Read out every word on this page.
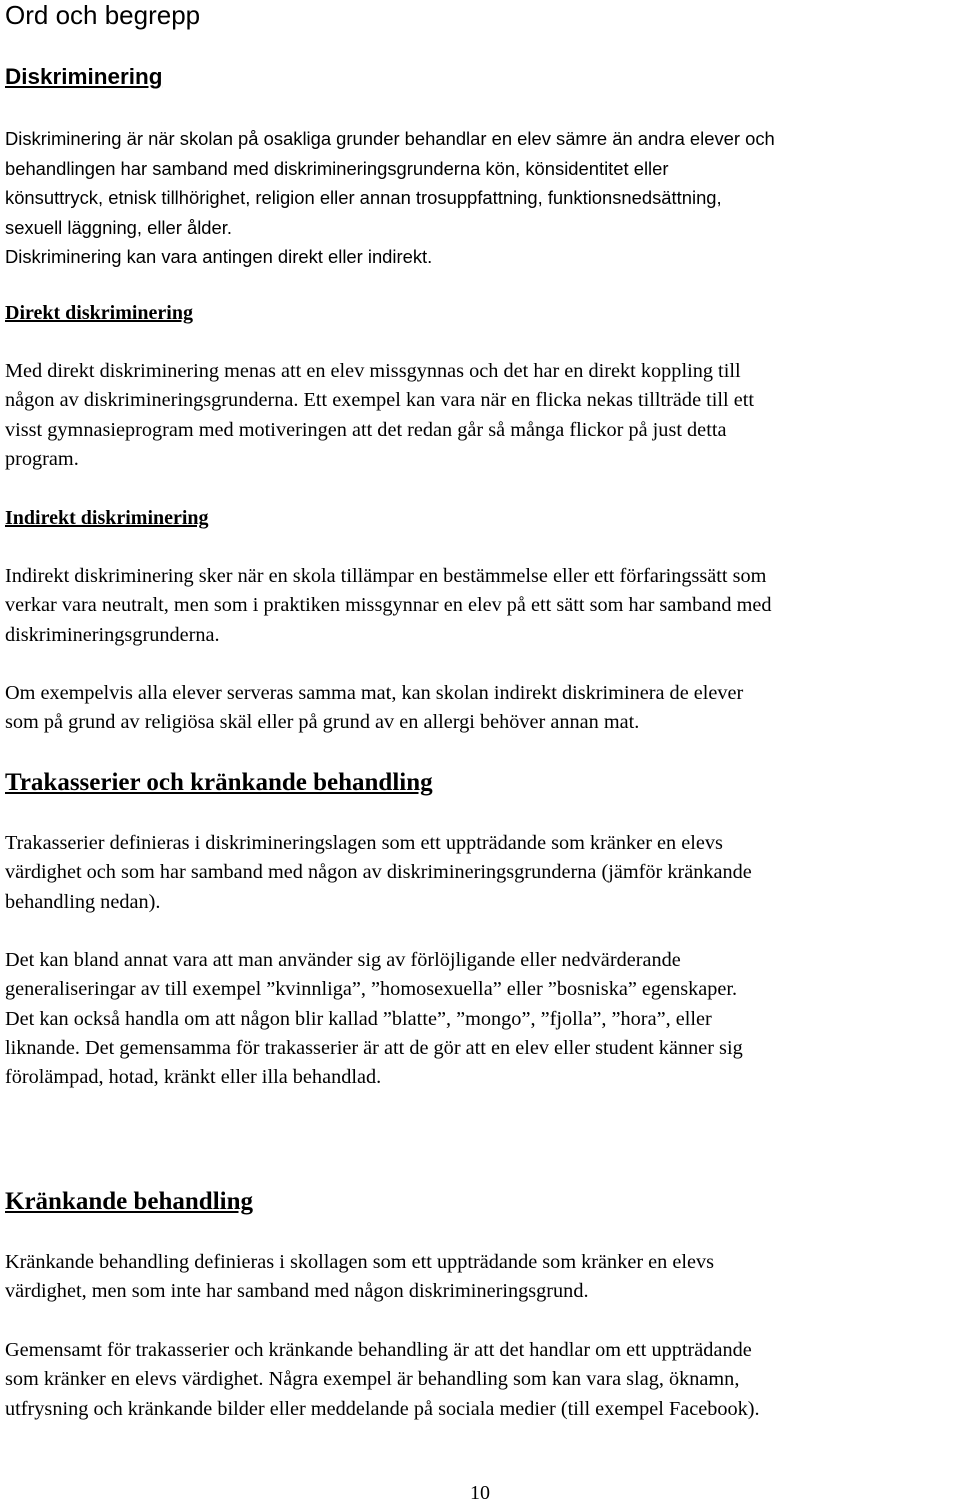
Ord och begrepp
Diskriminering

Diskriminering är när skolan på osakliga grunder behandlar en elev sämre än andra elever och
behandlingen har samband med diskrimineringsgrunderna kön, könsidentitet eller
könsuttryck, etnisk tillhörighet, religion eller annan trosuppfattning, funktionsnedsättning,
sexuell läggning, eller ålder.
Diskriminering kan vara antingen direkt eller indirekt.

Direkt diskriminering

Med direkt diskriminering menas att en elev missgynnas och det har en direkt koppling till
någon av diskrimineringsgrunderna. Ett exempel kan vara när en flicka nekas tillträde till ett
visst gymnasieprogram med motiveringen att det redan går så många flickor på just detta
program.

Indirekt diskriminering

Indirekt diskriminering sker när en skola tillämpar en bestämmelse eller ett förfaringssätt som
verkar vara neutralt, men som i praktiken missgynnar en elev på ett sätt som har samband med
diskrimineringsgrunderna.

Om exempelvis alla elever serveras samma mat, kan skolan indirekt diskriminera de elever
som på grund av religiösa skäl eller på grund av en allergi behöver annan mat.

Trakasserier och kränkande behandling

Trakasserier definieras i diskrimineringslagen som ett uppträdande som kränker en elevs
värdighet och som har samband med någon av diskrimineringsgrunderna (jämför kränkande
behandling nedan).

Det kan bland annat vara att man använder sig av förlöjligande eller nedvärderande
generaliseringar av till exempel ”kvinnliga”, ”homosexuella” eller ”bosniska” egenskaper.
Det kan också handla om att någon blir kallad ”blatte”, ”mongo”, ”fjolla”, ”hora”, eller
liknande. Det gemensamma för trakasserier är att de gör att en elev eller student känner sig
förolämpad, hotad, kränkt eller illa behandlad.

Kränkande behandling

Kränkande behandling definieras i skollagen som ett uppträdande som kränker en elevs
värdighet, men som inte har samband med någon diskrimineringsgrund.

Gemensamt för trakasserier och kränkande behandling är att det handlar om ett uppträdande
som kränker en elevs värdighet. Några exempel är behandling som kan vara slag, öknamn,
utfrysning och kränkande bilder eller meddelande på sociala medier (till exempel Facebook).

10
